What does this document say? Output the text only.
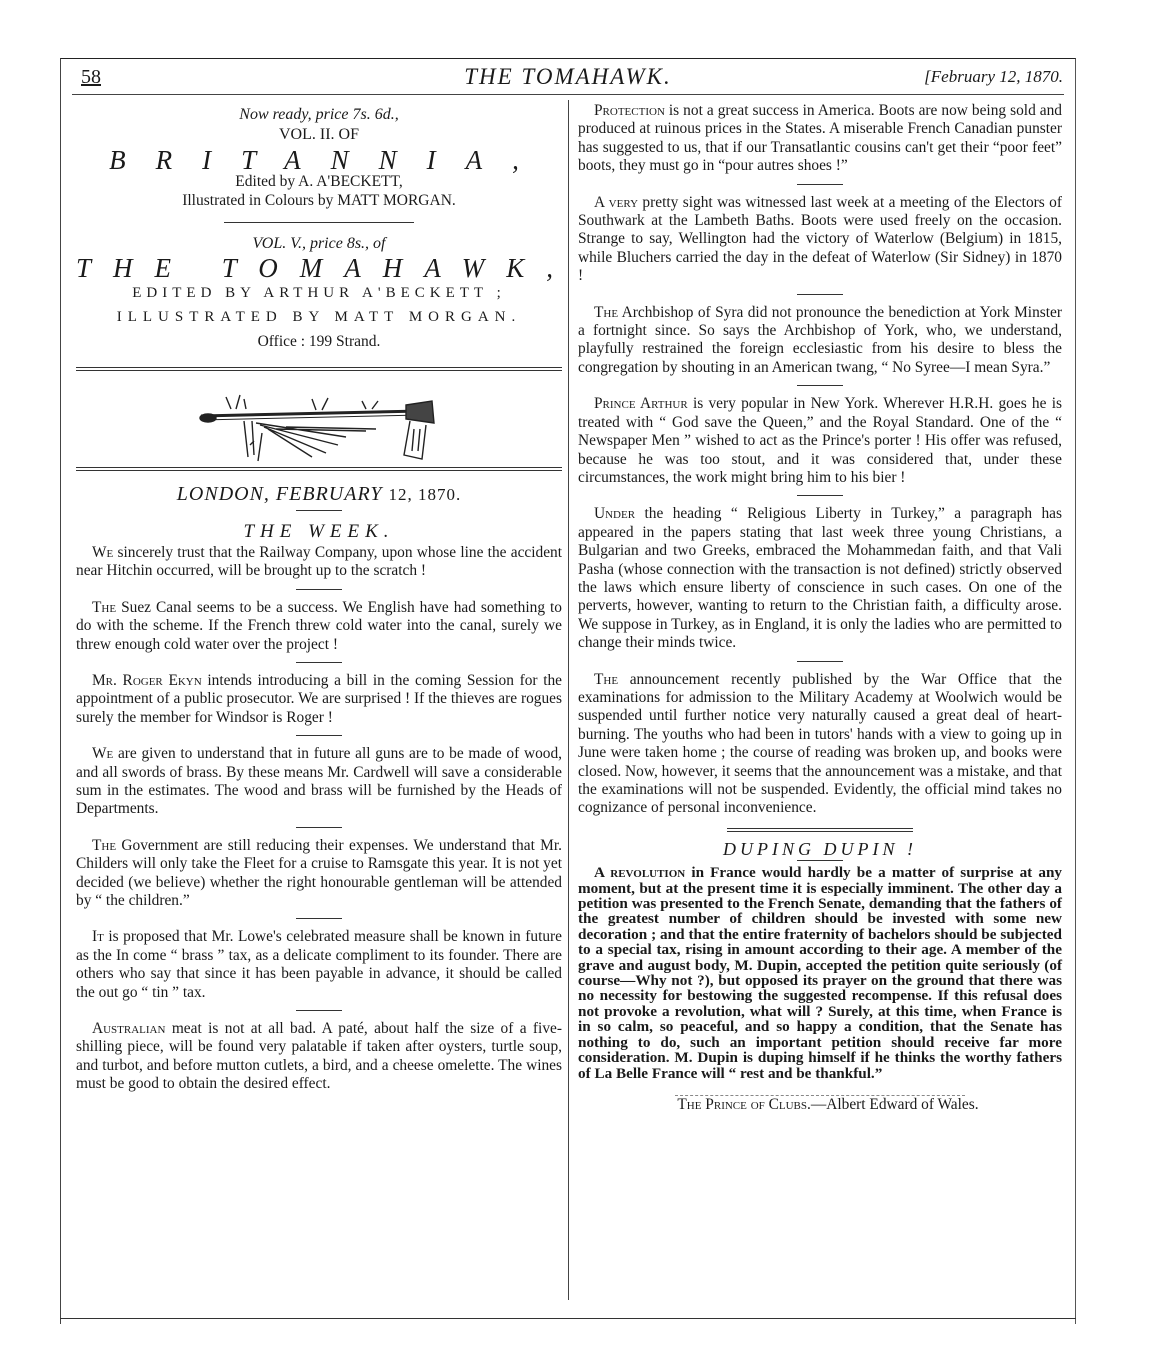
58	THE TOMAHAWK.	[February 12, 1870.
Now ready, price 7s. 6d.,
VOL. II. OF
BRITANNIA,
Edited by A. A'BECKETT,
Illustrated in Colours by MATT MORGAN.
VOL. V., price 8s., of
THE TOMAHAWK,
EDITED BY ARTHUR A'BECKETT ;
ILLUSTRATED BY MATT MORGAN.
Office : 199 Strand.
LONDON, FEBRUARY 12, 1870.
THE WEEK.

We sincerely trust that the Railway Company, upon whose line the accident near Hitchin occurred, will be brought up to the scratch !

The Suez Canal seems to be a success. We English have had something to do with the scheme. If the French threw cold water into the canal, surely we threw enough cold water over the project !

Mr. Roger Ekyn intends introducing a bill in the coming Session for the appointment of a public prosecutor. We are surprised ! If the thieves are rogues surely the member for Windsor is Roger !

We are given to understand that in future all guns are to be made of wood, and all swords of brass. By these means Mr. Cardwell will save a considerable sum in the estimates. The wood and brass will be furnished by the Heads of Departments.

The Government are still reducing their expenses. We understand that Mr. Childers will only take the Fleet for a cruise to Ramsgate this year. It is not yet decided (we believe) whether the right honourable gentleman will be attended by “ the children.”

It is proposed that Mr. Lowe's celebrated measure shall be known in future as the In come “ brass ” tax, as a delicate compliment to its founder. There are others who say that since it has been payable in advance, it should be called the out go “ tin ” tax.

Australian meat is not at all bad. A paté, about half the size of a five-shilling piece, will be found very palatable if taken after oysters, turtle soup, and turbot, and before mutton cutlets, a bird, and a cheese omelette. The wines must be good to obtain the desired effect.

Protection is not a great success in America. Boots are now being sold and produced at ruinous prices in the States. A miserable French Canadian punster has suggested to us, that if our Transatlantic cousins can't get their “poor feet” boots, they must go in “pour autres shoes !”

A very pretty sight was witnessed last week at a meeting of the Electors of Southwark at the Lambeth Baths. Boots were used freely on the occasion. Strange to say, Wellington had the victory of Waterlow (Belgium) in 1815, while Bluchers carried the day in the defeat of Waterlow (Sir Sidney) in 1870 !

The Archbishop of Syra did not pronounce the benediction at York Minster a fortnight since. So says the Archbishop of York, who, we understand, playfully restrained the foreign ecclesiastic from his desire to bless the congregation by shouting in an American twang, “ No Syree—I mean Syra.”

Prince Arthur is very popular in New York. Wherever H.R.H. goes he is treated with “ God save the Queen,” and the Royal Standard. One of the “ Newspaper Men ” wished to act as the Prince's porter ! His offer was refused, because he was too stout, and it was considered that, under these circumstances, the work might bring him to his bier !

Under the heading “ Religious Liberty in Turkey,” a paragraph has appeared in the papers stating that last week three young Christians, a Bulgarian and two Greeks, embraced the Mohammedan faith, and that Vali Pasha (whose connection with the transaction is not defined) strictly observed the laws which ensure liberty of conscience in such cases. On one of the perverts, however, wanting to return to the Christian faith, a difficulty arose. We suppose in Turkey, as in England, it is only the ladies who are permitted to change their minds twice.

The announcement recently published by the War Office that the examinations for admission to the Military Academy at Woolwich would be suspended until further notice very naturally caused a great deal of heart-burning. The youths who had been in tutors' hands with a view to going up in June were taken home ; the course of reading was broken up, and books were closed. Now, however, it seems that the announcement was a mistake, and that the examinations will not be suspended. Evidently, the official mind takes no cognizance of personal inconvenience.

DUPING DUPIN !

A revolution in France would hardly be a matter of surprise at any moment, but at the present time it is especially imminent. The other day a petition was presented to the French Senate, demanding that the fathers of the greatest number of children should be invested with some new decoration ; and that the entire fraternity of bachelors should be subjected to a special tax, rising in amount according to their age. A member of the grave and august body, M. Dupin, accepted the petition quite seriously (of course—Why not ?), but opposed its prayer on the ground that there was no necessity for bestowing the suggested recompense. If this refusal does not provoke a revolution, what will ? Surely, at this time, when France is in so calm, so peaceful, and so happy a condition, that the Senate has nothing to do, such an important petition should receive far more consideration. M. Dupin is duping himself if he thinks the worthy fathers of La Belle France will “ rest and be thankful.”

The Prince of Clubs.—Albert Edward of Wales.
